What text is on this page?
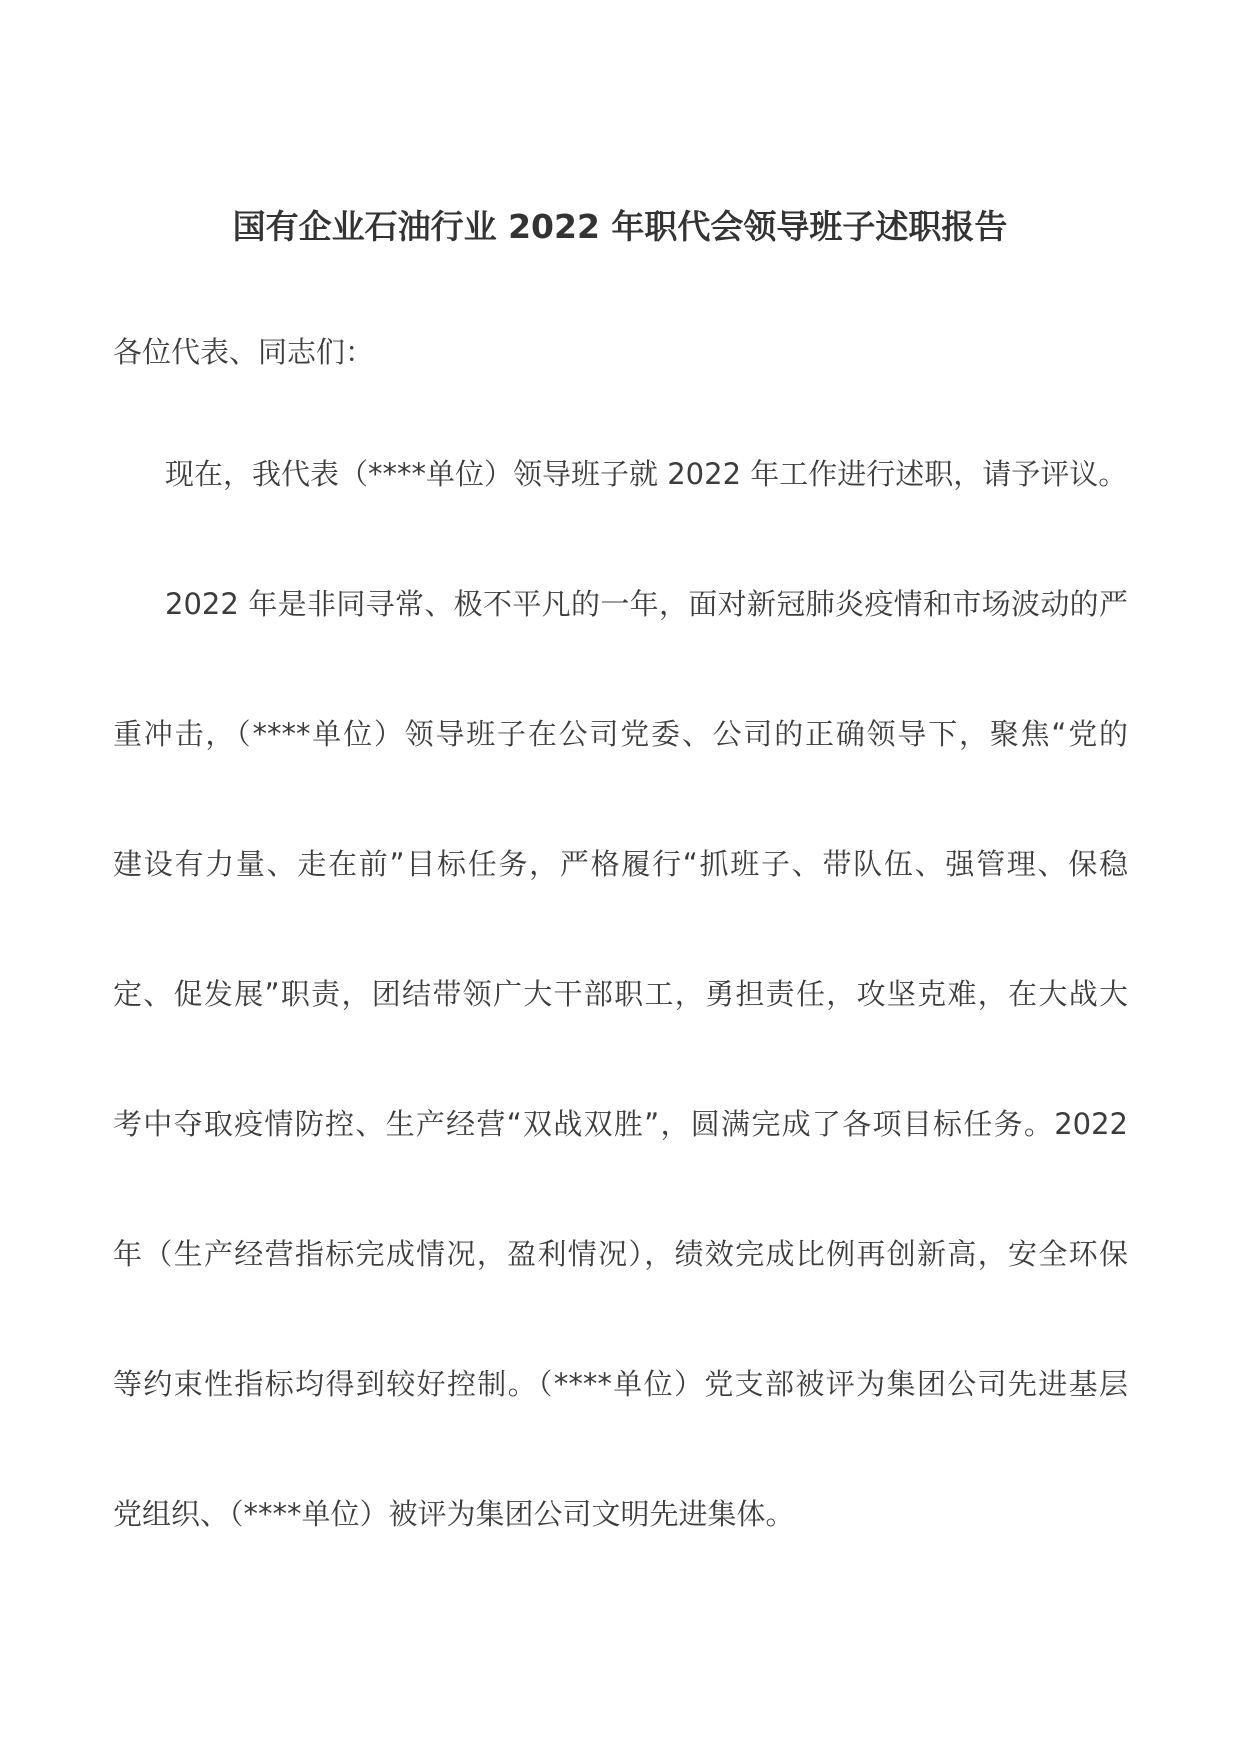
国有企业石油行业 2022 年职代会领导班子述职报告

各位代表、同志们：

现在，我代表（****单位）领导班子就 2022 年工作进行述职，请予评议。

2022 年是非同寻常、极不平凡的一年，面对新冠肺炎疫情和市场波动的严

重冲击，（****单位）领导班子在公司党委、公司的正确领导下，聚焦“党的

建设有力量、走在前”目标任务，严格履行“抓班子、带队伍、强管理、保稳

定、促发展”职责，团结带领广大干部职工，勇担责任，攻坚克难，在大战大

考中夺取疫情防控、生产经营“双战双胜”，圆满完成了各项目标任务。2022

年（生产经营指标完成情况，盈利情况），绩效完成比例再创新高，安全环保

等约束性指标均得到较好控制。（****单位）党支部被评为集团公司先进基层

党组织、（****单位）被评为集团公司文明先进集体。
